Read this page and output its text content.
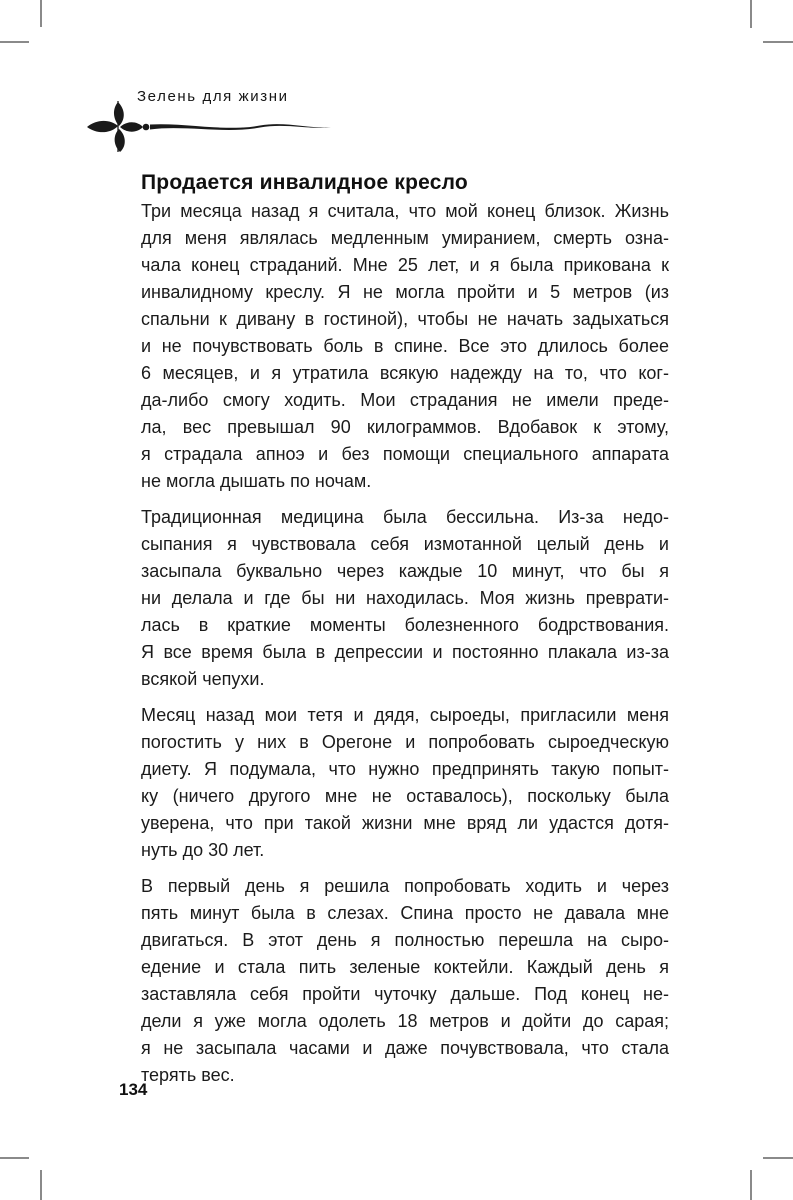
Зелень для жизни
Продается инвалидное кресло
Три месяца назад я считала, что мой конец близок. Жизнь
для меня являлась медленным умиранием, смерть озна-
чала конец страданий. Мне 25 лет, и я была прикована к
инвалидному креслу. Я не могла пройти и 5 метров (из
спальни к дивану в гостиной), чтобы не начать задыхаться
и не почувствовать боль в спине. Все это длилось более
6 месяцев, и я утратила всякую надежду на то, что ког-
да-либо смогу ходить. Мои страдания не имели преде-
ла, вес превышал 90 килограммов. Вдобавок к этому,
я страдала апноэ и без помощи специального аппарата
не могла дышать по ночам.
Традиционная медицина была бессильна. Из-за недо-
сыпания я чувствовала себя измотанной целый день и
засыпала буквально через каждые 10 минут, что бы я
ни делала и где бы ни находилась. Моя жизнь преврати-
лась в краткие моменты болезненного бодрствования.
Я все время была в депрессии и постоянно плакала из-за
всякой чепухи.
Месяц назад мои тетя и дядя, сыроеды, пригласили меня
погостить у них в Орегоне и попробовать сыроедческую
диету. Я подумала, что нужно предпринять такую попыт-
ку (ничего другого мне не оставалось), поскольку была
уверена, что при такой жизни мне вряд ли удастся дотя-
нуть до 30 лет.
В первый день я решила попробовать ходить и через
пять минут была в слезах. Спина просто не давала мне
двигаться. В этот день я полностью перешла на сыро-
едение и стала пить зеленые коктейли. Каждый день я
заставляла себя пройти чуточку дальше. Под конец не-
дели я уже могла одолеть 18 метров и дойти до сарая;
я не засыпала часами и даже почувствовала, что стала
терять вес.
134
